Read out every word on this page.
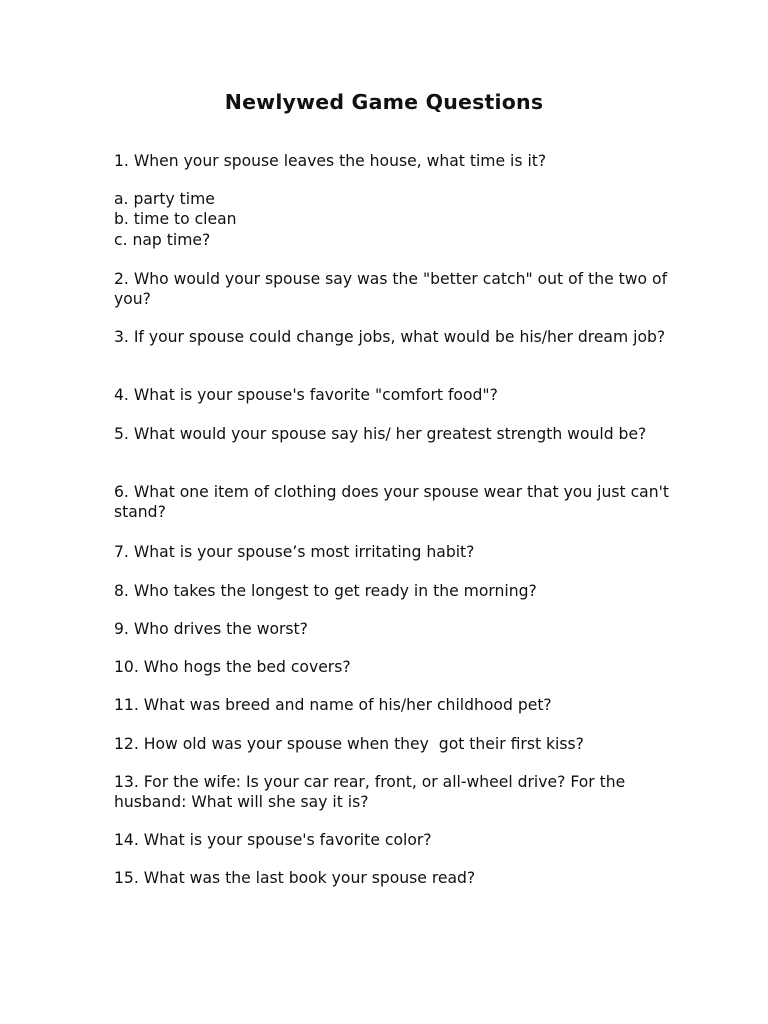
Newlywed Game Questions

1. When your spouse leaves the house, what time is it?

a. party time

b. time to clean

c. nap time?

2. Who would your spouse say was the "better catch" out of the two of you?

3. If your spouse could change jobs, what would be his/her dream job?

4. What is your spouse's favorite "comfort food"?

5. What would your spouse say his/ her greatest strength would be?

6. What one item of clothing does your spouse wear that you just can't stand?

7. What is your spouse’s most irritating habit?

8. Who takes the longest to get ready in the morning?

9. Who drives the worst?

10. Who hogs the bed covers?

11. What was breed and name of his/her childhood pet?

12. How old was your spouse when they  got their first kiss?

13. For the wife: Is your car rear, front, or all-wheel drive? For the husband: What will she say it is?

14. What is your spouse's favorite color?

15. What was the last book your spouse read?
